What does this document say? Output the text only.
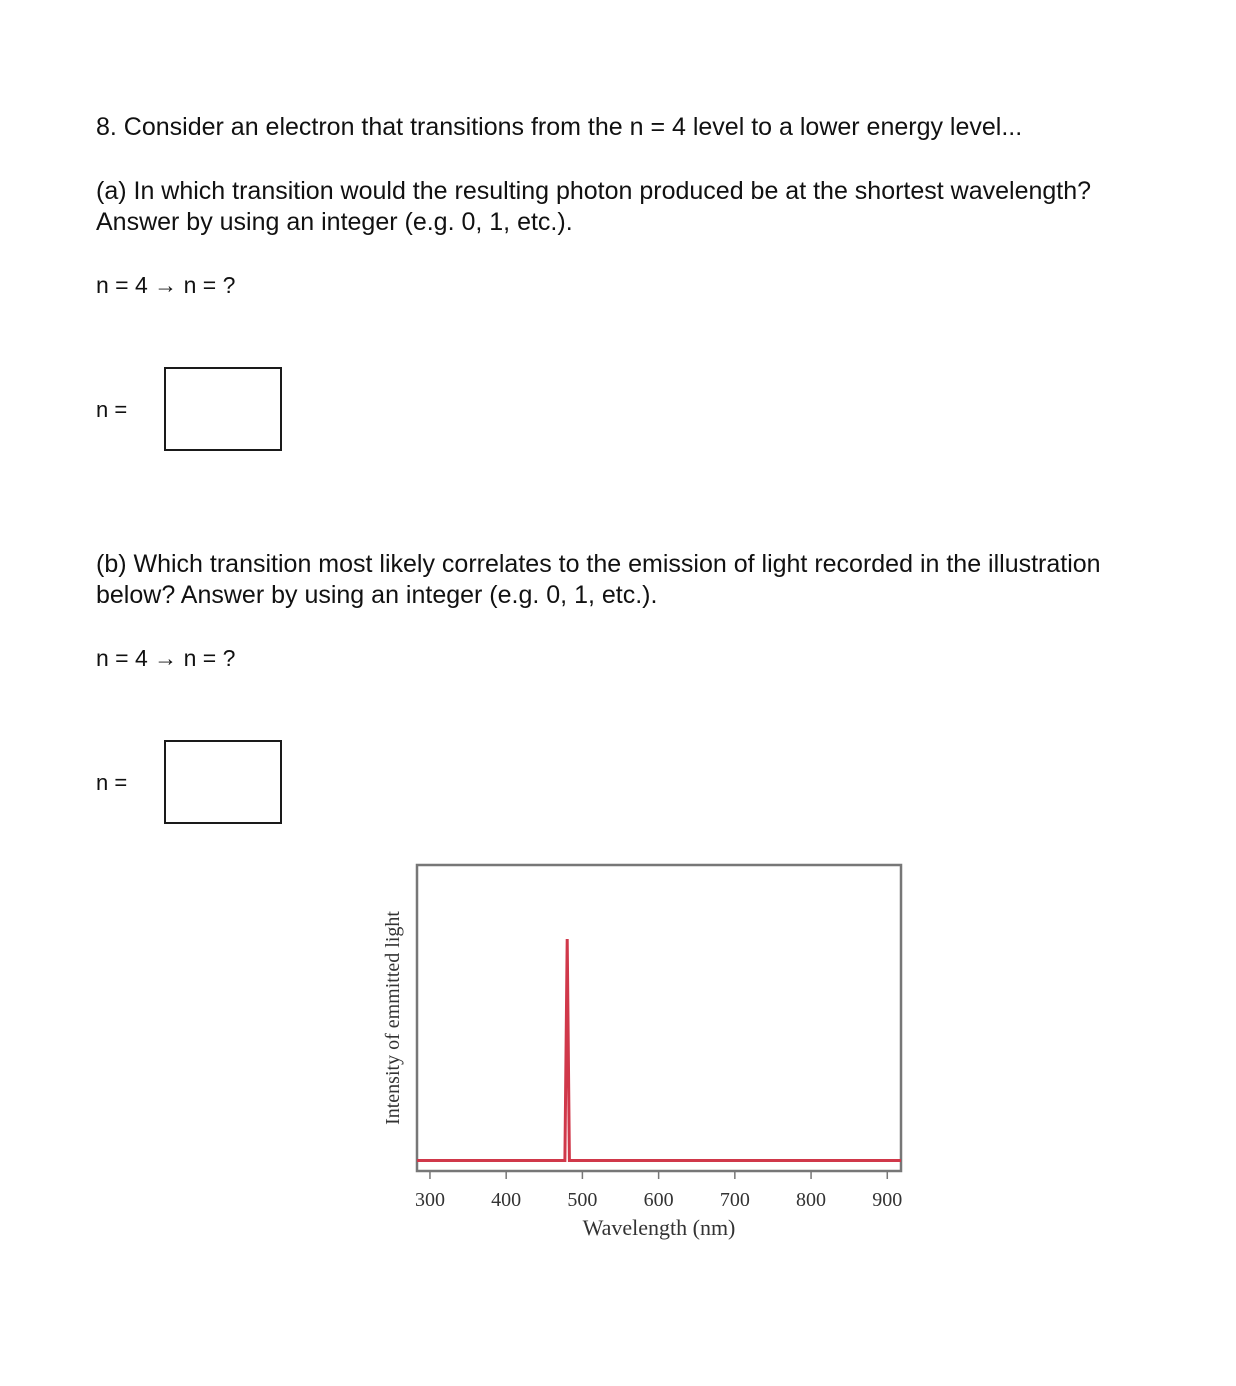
8. Consider an electron that transitions from the n = 4 level to a lower energy level...

(a) In which transition would the resulting photon produced be at the shortest wavelength? Answer by using an integer (e.g. 0, 1, etc.).

n = 4 → n = ?
n =

(b) Which transition most likely correlates to the emission of light recorded in the illustration below? Answer by using an integer (e.g. 0, 1, etc.).

n = 4 → n = ?
n =
300 400 500 600 700 800 900
Wavelength (nm)
Intensity of emmitted light
